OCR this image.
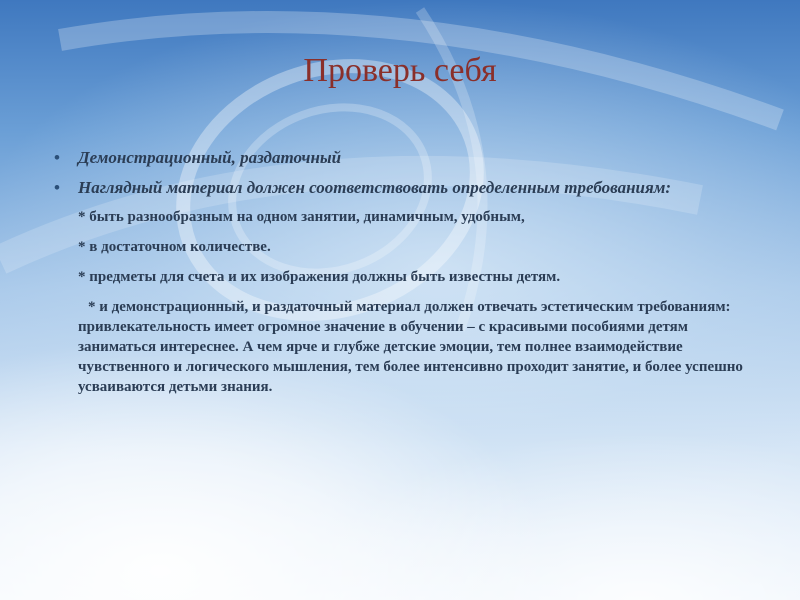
Проверь себя
• Демонстрационный, раздаточный
• Наглядный материал должен соответствовать определенным требованиям:
* быть разнообразным на одном занятии, динамичным, удобным,
* в достаточном количестве.
* предметы для счета и их изображения должны быть известны детям.
* и демонстрационный, и раздаточный материал должен отвечать эстетическим требованиям: привлекательность имеет огромное значение в обучении – с красивыми пособиями детям заниматься интереснее. А чем ярче и глубже детские эмоции, тем полнее взаимодействие чувственного и логического мышления, тем более интенсивно проходит занятие, и более успешно усваиваются детьми знания.
